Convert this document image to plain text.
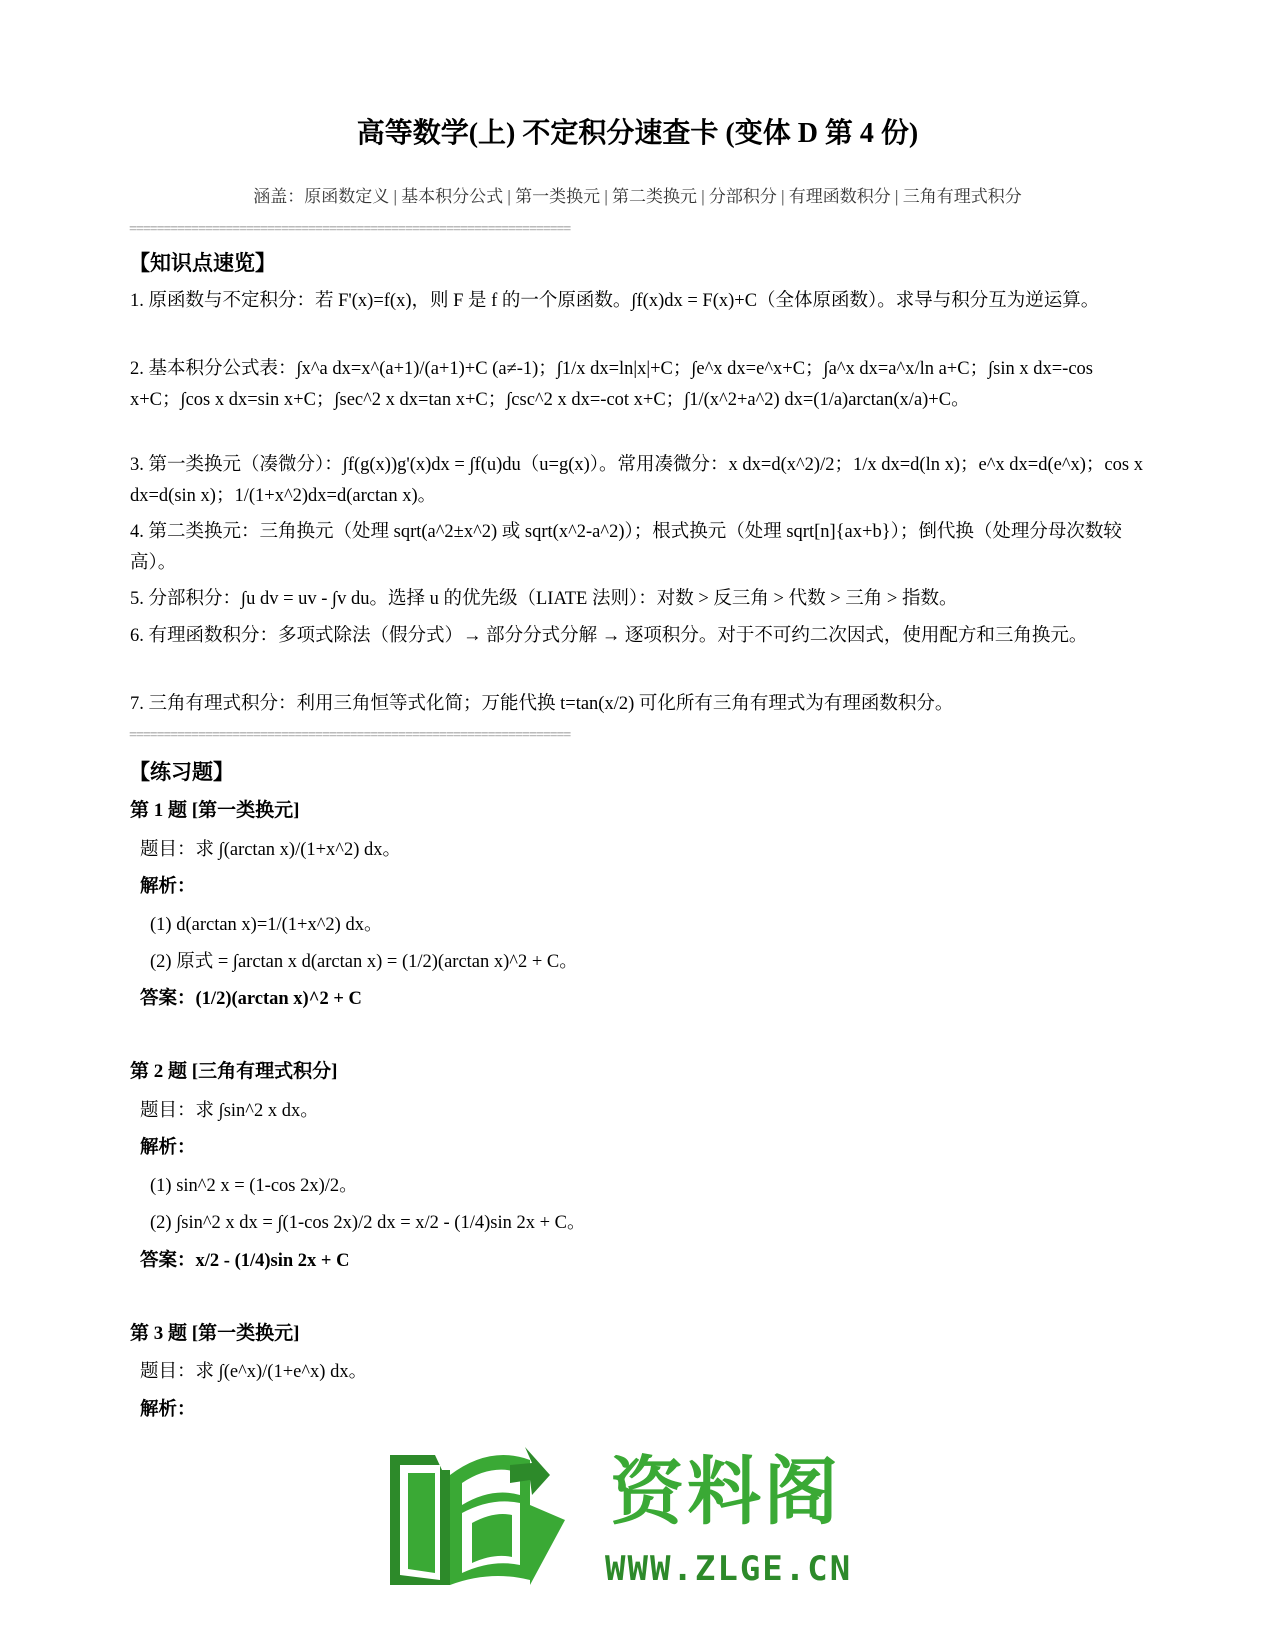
高等数学(上) 不定积分速查卡 (变体 D 第 4 份)
涵盖：原函数定义 | 基本积分公式 | 第一类换元 | 第二类换元 | 分部积分 | 有理函数积分 | 三角有理式积分
================================================================
【知识点速览】
1. 原函数与不定积分：若 F'(x)=f(x)，则 F 是 f 的一个原函数。∫f(x)dx = F(x)+C（全体原函数）。求导与积分互为逆运算。
2. 基本积分公式表：∫x^a dx=x^(a+1)/(a+1)+C (a≠-1)；∫1/x dx=ln|x|+C；∫e^x dx=e^x+C；∫a^x dx=a^x/ln a+C；∫sin x dx=-cos x+C；∫cos x dx=sin x+C；∫sec^2 x dx=tan x+C；∫csc^2 x dx=-cot x+C；∫1/(x^2+a^2) dx=(1/a)arctan(x/a)+C。
3. 第一类换元（凑微分）：∫f(g(x))g'(x)dx = ∫f(u)du（u=g(x)）。常用凑微分：x dx=d(x^2)/2；1/x dx=d(ln x)；e^x dx=d(e^x)；cos x dx=d(sin x)；1/(1+x^2)dx=d(arctan x)。
4. 第二类换元：三角换元（处理 sqrt(a^2±x^2) 或 sqrt(x^2-a^2)）；根式换元（处理 sqrt[n]{ax+b}）；倒代换（处理分母次数较高）。
5. 分部积分：∫u dv = uv - ∫v du。选择 u 的优先级（LIATE 法则）：对数 > 反三角 > 代数 > 三角 > 指数。
6. 有理函数积分：多项式除法（假分式）→ 部分分式分解 → 逐项积分。对于不可约二次因式，使用配方和三角换元。
7. 三角有理式积分：利用三角恒等式化简；万能代换 t=tan(x/2) 可化所有三角有理式为有理函数积分。
================================================================
【练习题】
第 1 题 [第一类换元]
题目：求 ∫(arctan x)/(1+x^2) dx。
解析：
(1) d(arctan x)=1/(1+x^2) dx。
(2) 原式 = ∫arctan x d(arctan x) = (1/2)(arctan x)^2 + C。
答案：(1/2)(arctan x)^2 + C
第 2 题 [三角有理式积分]
题目：求 ∫sin^2 x dx。
解析：
(1) sin^2 x = (1-cos 2x)/2。
(2) ∫sin^2 x dx = ∫(1-cos 2x)/2 dx = x/2 - (1/4)sin 2x + C。
答案：x/2 - (1/4)sin 2x + C
第 3 题 [第一类换元]
题目：求 ∫(e^x)/(1+e^x) dx。
解析：
资料阁
WWW.ZLGE.CN
